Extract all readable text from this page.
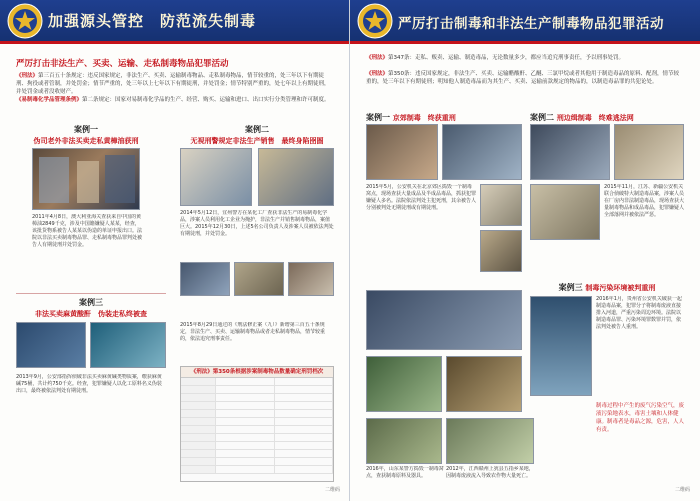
加强源头管控　防范流失制毒
严厉打击非法生产、买卖、运输、走私制毒物品犯罪活动
《刑法》第三百五十条规定：违反国家规定，非法生产、买卖、运输制毒物品、走私制毒物品，情节较重的，处三年以下有期徒刑、拘役或者管制，并处罚金；情节严重的，处三年以上七年以下有期徒刑，并处罚金；情节特别严重的，处七年以上有期徒刑，并处罚金或者没收财产。
《易制毒化学品管理条例》第二条规定：国家对易制毒化学品的生产、经营、购买、运输和进口、出口实行分类管理和许可制度。
案例一
伪司老外非法买卖走私黄樟油获刑
2011年4月8日，澳大利亚海关查获来自中国的黄樟油2849千克，涉及中国籍嫌疑人某某，经查，该批货物系被告人某某以伪造的单证申报出口。法院以非法买卖制毒物品罪、走私制毒物品罪判处被告人有期徒刑并处罚金。
案例二
无视刑警规定非法生产销售　最终身陷囹圄
2014年5月12日，宜州警方在某化工厂查获非法生产的易制毒化学品，涉案人员利用化工企业为掩护，非法生产并销售制毒物品，案值巨大。2015年12月30日，上述5名公司负责人及涉案人员被依法判处有期徒刑，并处罚金。
案例三
非法买卖麻黄酸酐　伪装走私终被查
2013年9月，公安部指挥侦破非法买卖麻黄碱类物质案，缴获麻黄碱75桶，共计约750千克。经查，犯罪嫌疑人以化工原料名义伪装出口，最终被依法判处有期徒刑。
2015年8月29日通过的《刑法修正案（九）》新增第三百五十条规定，非法生产、买卖、运输制毒物品或者走私制毒物品，情节较重的，依法追究刑事责任。
《刑法》第350条根据涉案制毒物品数量确定刑罚档次
二维码
严厉打击制毒和非法生产制毒物品犯罪活动
《刑法》第347条：走私、贩卖、运输、制造毒品，无论数量多少，都应当追究刑事责任，予以刑事处罚。
《刑法》第350条：违反国家规定，非法生产、买卖、运输醋酸酐、乙醚、三氯甲烷或者其他用于制造毒品的原料、配剂，情节较重的，处三年以下有期徒刑；明知他人制造毒品而为其生产、买卖、运输前款规定的物品的，以制造毒品罪的共犯论处。
案例一 京郊制毒　终获重刑
2015年5月，公安机关在北京郊区捣毁一个制毒窝点，现场查获大量成品及半成品毒品，抓获犯罪嫌疑人多名。法院依法判处主犯死刑，其余被告人分别被判处无期徒刑或有期徒刑。
案例二 刑边缉制毒　终难逃法网
2015年11月，江苏、新疆公安机关联合侦破特大制造毒品案，涉案人员在厂房内非法制造毒品，现场查获大量制毒物品和成品毒品，犯罪嫌疑人全部落网并被依法严惩。
案例三 制毒污染环境被判重刑
2016年1月，贵州省公安机关破获一起制造毒品案，犯罪分子将制毒废液直接排入河道，严重污染周边环境。法院以制造毒品罪、污染环境罪数罪并罚，依法判处被告人重刑。
2016年，山东某警方捣毁一制毒窝点，查获制毒原料及器具。
2012年，江西赣州上犹县五指乡某地，因制毒废液流入导致农作物大量死亡。
制毒过程中产生的废气污染空气，废液污染地表水，毒害土壤和人体健康。制毒者是毒品之源，危害，人人有责。
二维码
